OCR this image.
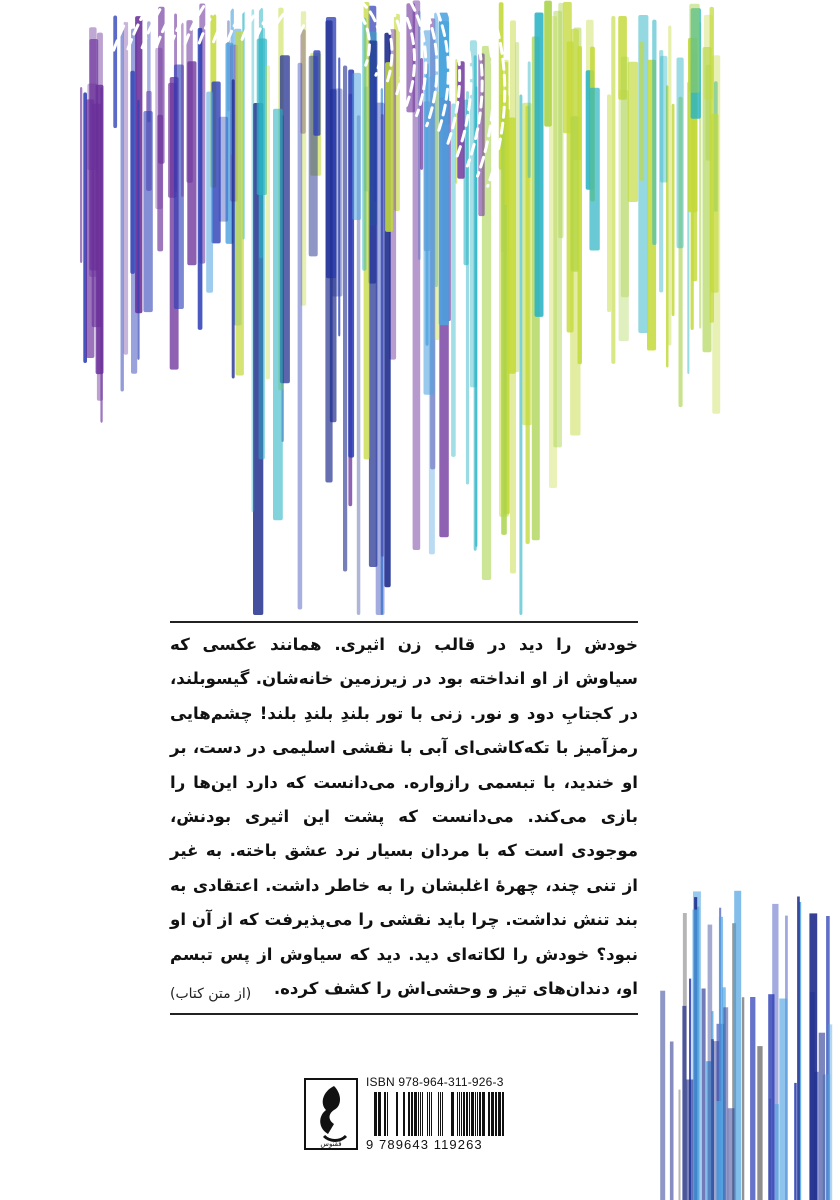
خودش را دید در قالب زن اثیری. همانند عکسی که سیاوش از او انداخته بود در زیرزمین خانه‌شان. گیسوبلند، در کجتابِ دود و نور. زنی با تور بلندِ بلندِ بلند! چشم‌هایی رمزآمیز با تکه‌کاشی‌ای آبی با نقشی اسلیمی در دست، بر او خندید، با تبسمی رازواره. می‌دانست که دارد این‌ها را بازی می‌کند. می‌دانست که پشت این اثیری بودنش، موجودی است که با مردان بسیار نرد عشق باخته. به غیر از تنی چند، چهرهٔ اغلبشان را به خاطر داشت. اعتقادی به بند تنش نداشت. چرا باید نقشی را می‌پذیرفت که از آن او نبود؟ خودش را لکاته‌ای دید. دید که سیاوش از پس تبسم او، دندان‌های تیز و وحشی‌اش را کشف کرده.

(از متن کتاب)

ققنوس
ISBN 978-964-311-926-3
9 789643 119263
